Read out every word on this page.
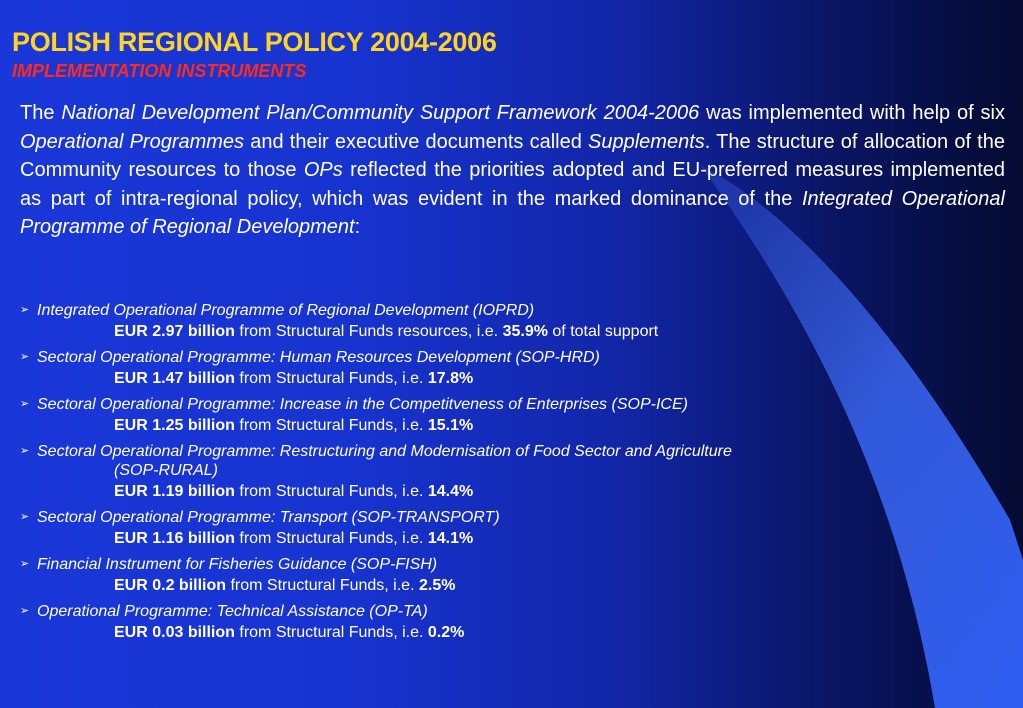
POLISH REGIONAL POLICY 2004-2006
IMPLEMENTATION INSTRUMENTS

The National Development Plan/Community Support Framework 2004-2006 was implemented with help of six Operational Programmes and their executive documents called Supplements. The structure of allocation of the Community resources to those OPs reflected the priorities adopted and EU-preferred measures implemented as part of intra-regional policy, which was evident in the marked dominance of the Integrated Operational Programme of Regional Development:

➢ Integrated Operational Programme of Regional Development (IOPRD)
EUR 2.97 billion from Structural Funds resources, i.e. 35.9% of total support
➢ Sectoral Operational Programme: Human Resources Development (SOP-HRD)
EUR 1.47 billion from Structural Funds, i.e. 17.8%
➢ Sectoral Operational Programme: Increase in the Competitveness of Enterprises (SOP-ICE)
EUR 1.25 billion from Structural Funds, i.e. 15.1%
➢ Sectoral Operational Programme: Restructuring and Modernisation of Food Sector and Agriculture
(SOP-RURAL)
EUR 1.19 billion from Structural Funds, i.e. 14.4%
➢ Sectoral Operational Programme: Transport (SOP-TRANSPORT)
EUR 1.16 billion from Structural Funds, i.e. 14.1%
➢ Financial Instrument for Fisheries Guidance (SOP-FISH)
EUR 0.2 billion from Structural Funds, i.e. 2.5%
➢ Operational Programme: Technical Assistance (OP-TA)
EUR 0.03 billion from Structural Funds, i.e. 0.2%
